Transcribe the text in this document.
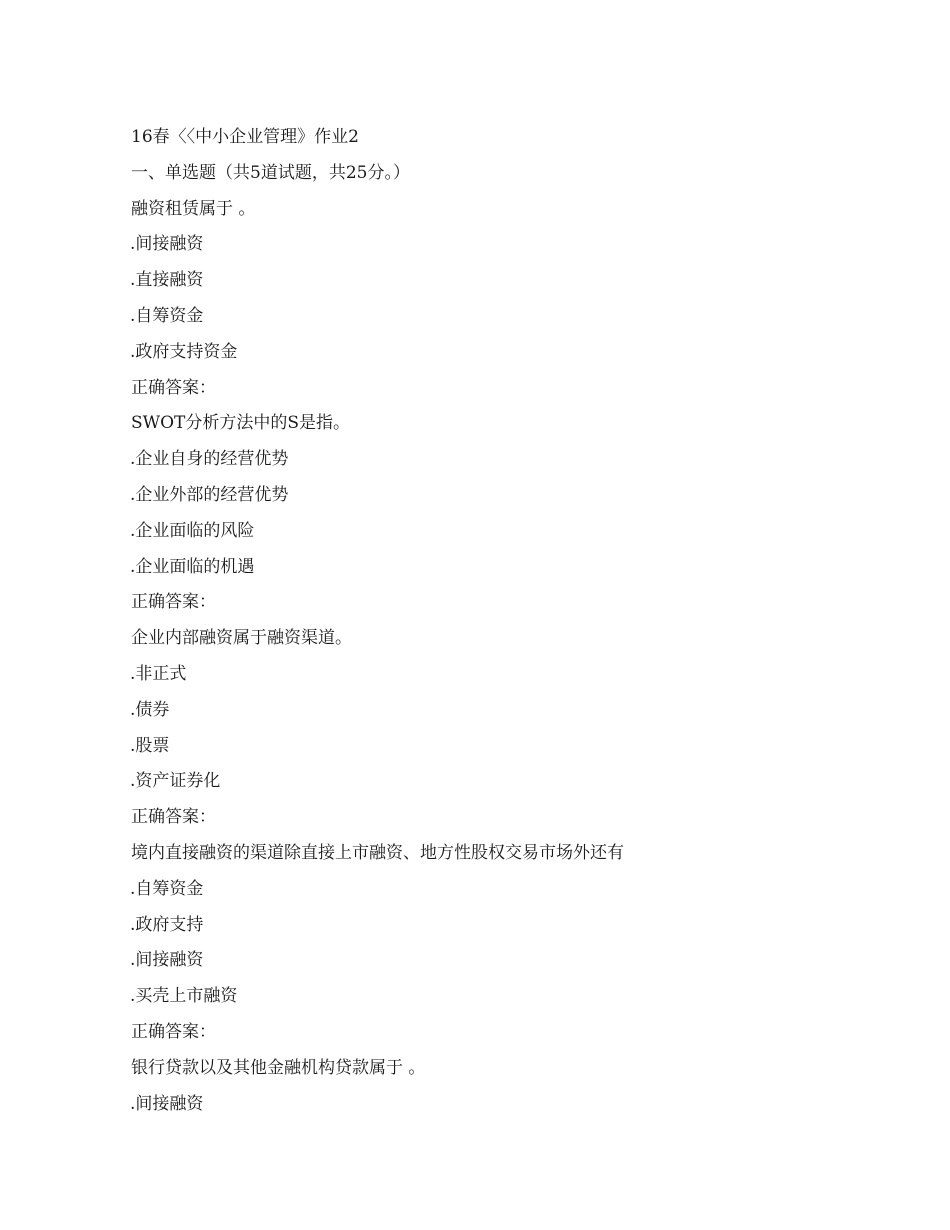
16春〈〈中小企业管理》作业2
一、单选题（共5道试题，共25分。）
融资租赁属于 。
.间接融资
.直接融资
.自筹资金
.政府支持资金
正确答案：
SWOT分析方法中的S是指。
.企业自身的经营优势
.企业外部的经营优势
.企业面临的风险
.企业面临的机遇
正确答案：
企业内部融资属于融资渠道。
.非正式
.债券
.股票
.资产证券化
正确答案：
境内直接融资的渠道除直接上市融资、地方性股权交易市场外还有
.自筹资金
.政府支持
.间接融资
.买壳上市融资
正确答案：
银行贷款以及其他金融机构贷款属于 。
.间接融资
